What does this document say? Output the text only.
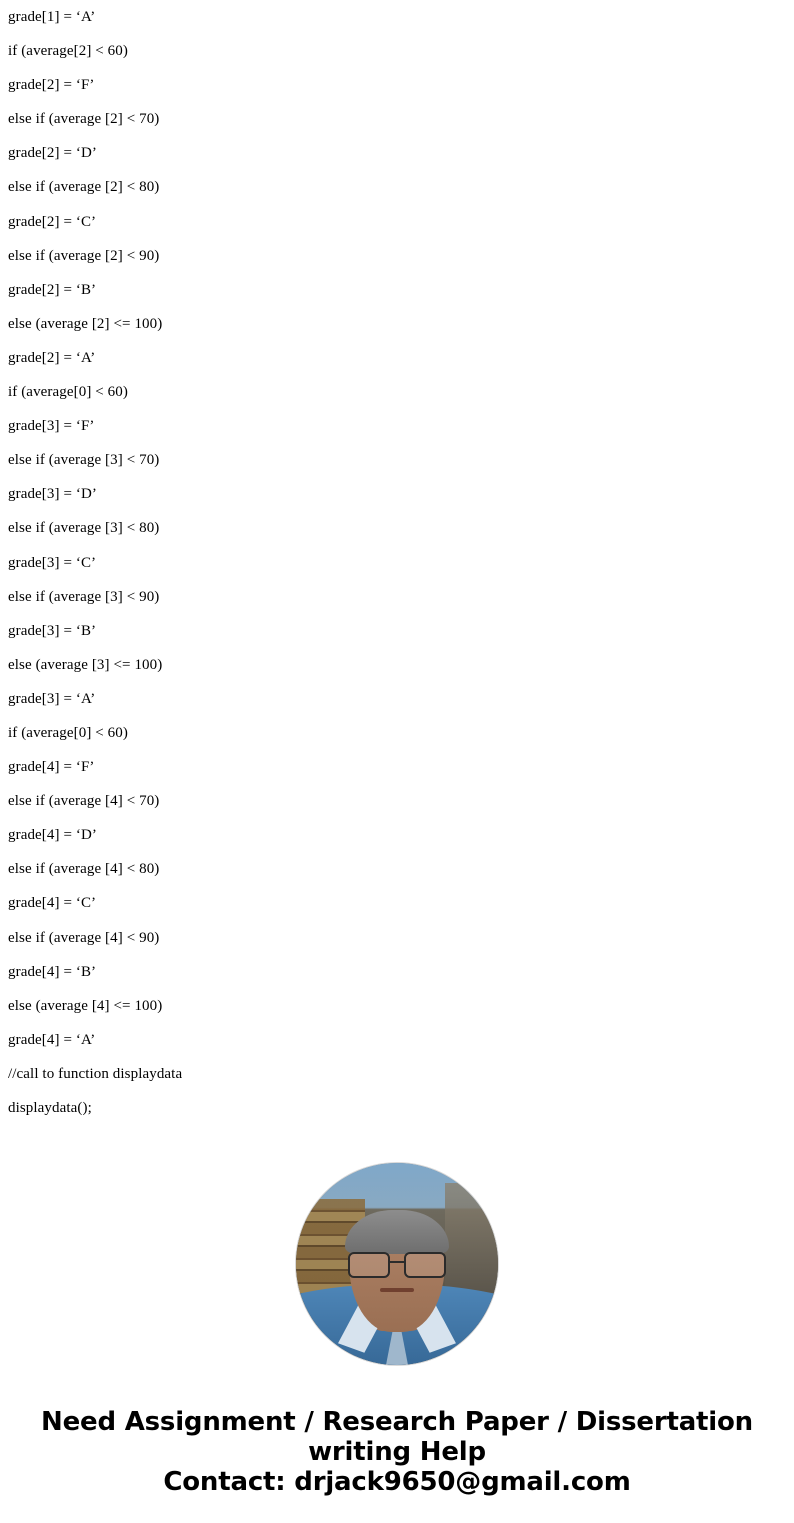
grade[1] = ‘A’
if (average[2] < 60)
grade[2] = ‘F’
else if (average [2] < 70)
grade[2] = ‘D’
else if (average [2] < 80)
grade[2] = ‘C’
else if (average [2] < 90)
grade[2] = ‘B’
else (average [2] <= 100)
grade[2] = ‘A’
if (average[0] < 60)
grade[3] = ‘F’
else if (average [3] < 70)
grade[3] = ‘D’
else if (average [3] < 80)
grade[3] = ‘C’
else if (average [3] < 90)
grade[3] = ‘B’
else (average [3] <= 100)
grade[3] = ‘A’
if (average[0] < 60)
grade[4] = ‘F’
else if (average [4] < 70)
grade[4] = ‘D’
else if (average [4] < 80)
grade[4] = ‘C’
else if (average [4] < 90)
grade[4] = ‘B’
else (average [4] <= 100)
grade[4] = ‘A’
//call to function displaydata
displaydata();
Need Assignment / Research Paper / Dissertation
writing Help
Contact: drjack9650@gmail.com
